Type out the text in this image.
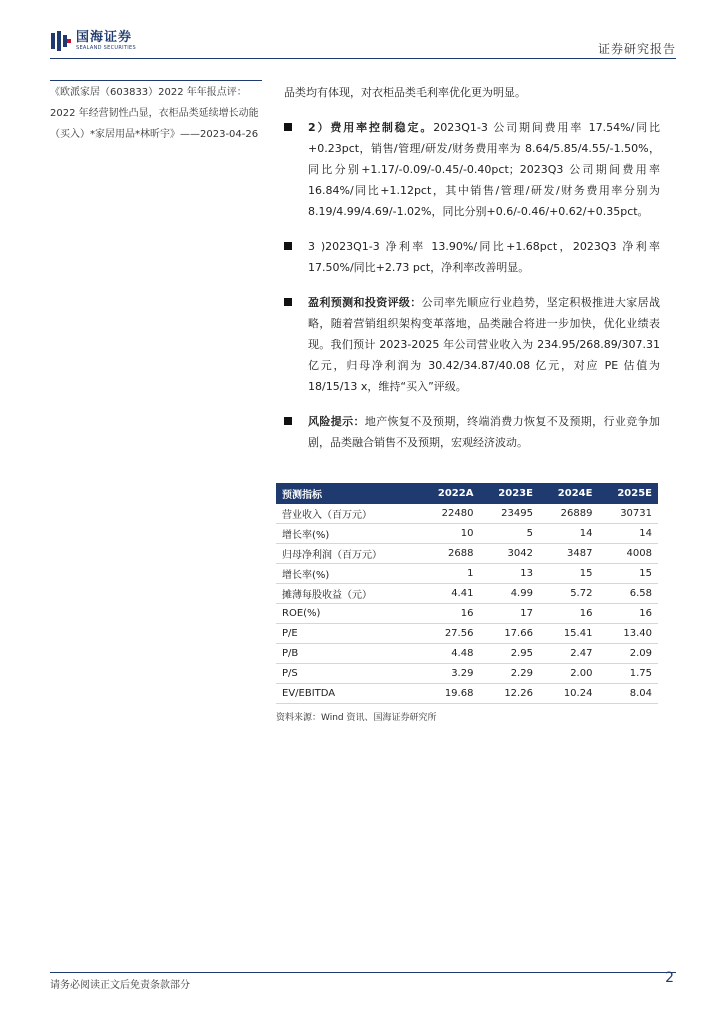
国海证券
SEALAND SECURITIES	证券研究报告
《欧派家居（603833）2022 年年报点评：2022 年经营韧性凸显，衣柜品类延续增长动能（买入）*家居用品*林昕宇》——2023-04-26
品类均有体现，对衣柜品类毛利率优化更为明显。
2）费用率控制稳定。2023Q1-3 公司期间费用率 17.54%/同比+0.23pct，销售/管理/研发/财务费用率为 8.64/5.85/4.55/-1.50%，同比分别+1.17/-0.09/-0.45/-0.40pct；2023Q3 公司期间费用率 16.84%/同比+1.12pct，其中销售/管理/研发/财务费用率分别为 8.19/4.99/4.69/-1.02%，同比分别+0.6/-0.46/+0.62/+0.35pct。
3 )2023Q1-3 净利率 13.90%/同比+1.68pct，2023Q3 净利率 17.50%/同比+2.73 pct，净利率改善明显。
盈利预测和投资评级：公司率先顺应行业趋势，坚定积极推进大家居战略，随着营销组织架构变革落地，品类融合将进一步加快，优化业绩表现。我们预计 2023-2025 年公司营业收入为 234.95/268.89/307.31 亿元，归母净利润为 30.42/34.87/40.08 亿元，对应 PE 估值为 18/15/13 x，维持“买入”评级。
风险提示：地产恢复不及预期，终端消费力恢复不及预期，行业竞争加剧，品类融合销售不及预期，宏观经济波动。
预测指标	2022A	2023E	2024E	2025E
营业收入（百万元）	22480	23495	26889	30731
增长率(%)	10	5	14	14
归母净利润（百万元）	2688	3042	3487	4008
增长率(%)	1	13	15	15
摊薄每股收益（元）	4.41	4.99	5.72	6.58
ROE(%)	16	17	16	16
P/E	27.56	17.66	15.41	13.40
P/B	4.48	2.95	2.47	2.09
P/S	3.29	2.29	2.00	1.75
EV/EBITDA	19.68	12.26	10.24	8.04
资料来源：Wind 资讯、国海证券研究所
请务必阅读正文后免责条款部分	2
